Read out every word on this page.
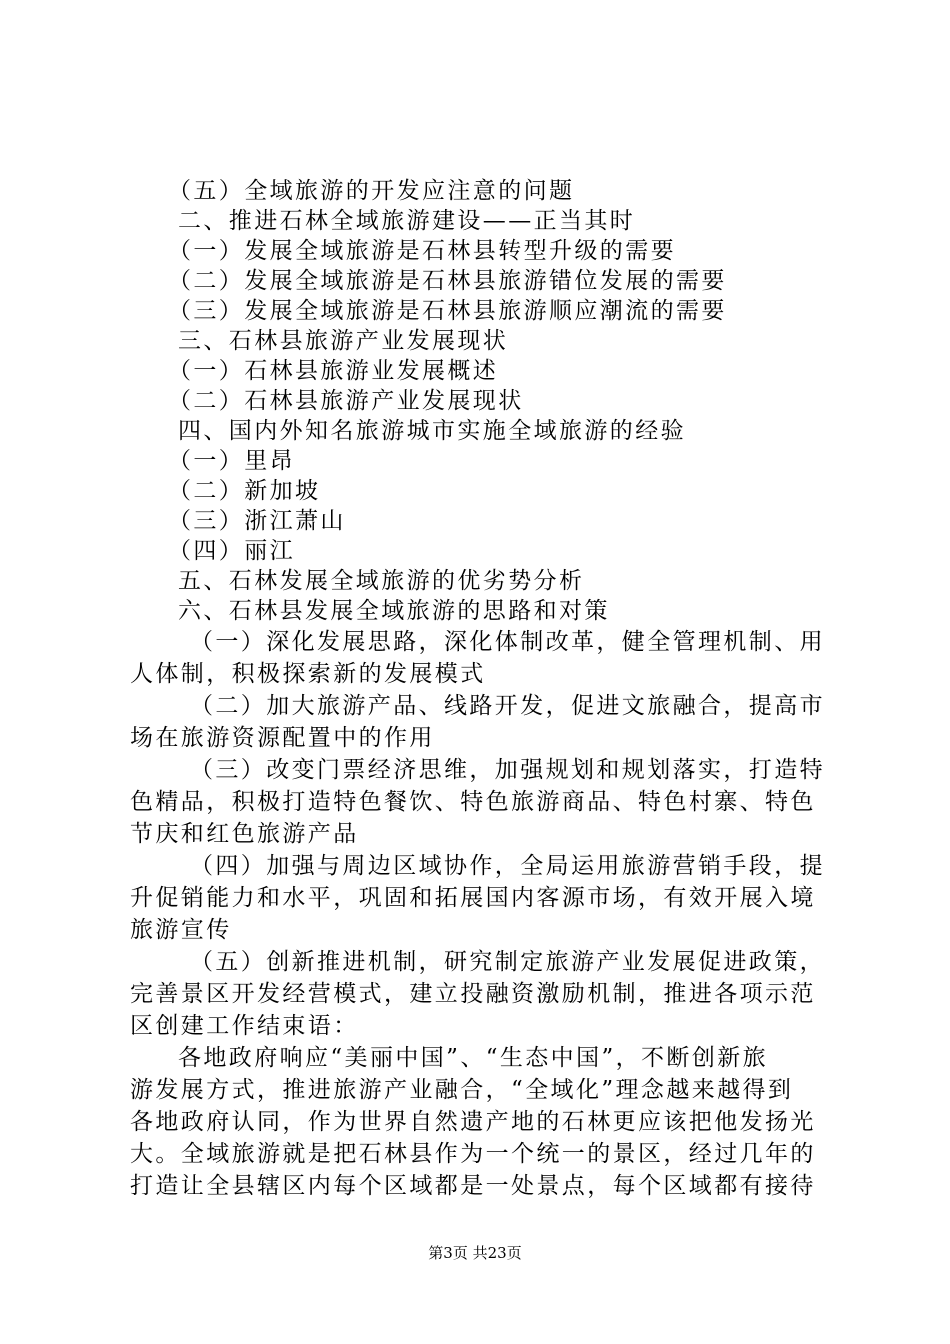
（五）全域旅游的开发应注意的问题
二、推进石林全域旅游建设——正当其时
（一）发展全域旅游是石林县转型升级的需要
（二）发展全域旅游是石林县旅游错位发展的需要
（三）发展全域旅游是石林县旅游顺应潮流的需要
三、石林县旅游产业发展现状
（一）石林县旅游业发展概述
（二）石林县旅游产业发展现状
四、国内外知名旅游城市实施全域旅游的经验
（一）里昂
（二）新加坡
（三）浙江萧山
（四）丽江
五、石林发展全域旅游的优劣势分析
六、石林县发展全域旅游的思路和对策
（一）深化发展思路，深化体制改革，健全管理机制、用
人体制，积极探索新的发展模式
（二）加大旅游产品、线路开发，促进文旅融合，提高市
场在旅游资源配置中的作用
（三）改变门票经济思维，加强规划和规划落实，打造特
色精品，积极打造特色餐饮、特色旅游商品、特色村寨、特色
节庆和红色旅游产品
（四）加强与周边区域协作，全局运用旅游营销手段，提
升促销能力和水平，巩固和拓展国内客源市场，有效开展入境
旅游宣传
（五）创新推进机制，研究制定旅游产业发展促进政策，
完善景区开发经营模式，建立投融资激励机制，推进各项示范
区创建工作结束语：
各地政府响应“美丽中国”、“生态中国”，不断创新旅
游发展方式，推进旅游产业融合，“全域化”理念越来越得到
各地政府认同，作为世界自然遗产地的石林更应该把他发扬光
大。全域旅游就是把石林县作为一个统一的景区，经过几年的
打造让全县辖区内每个区域都是一处景点，每个区域都有接待
第3页 共23页
